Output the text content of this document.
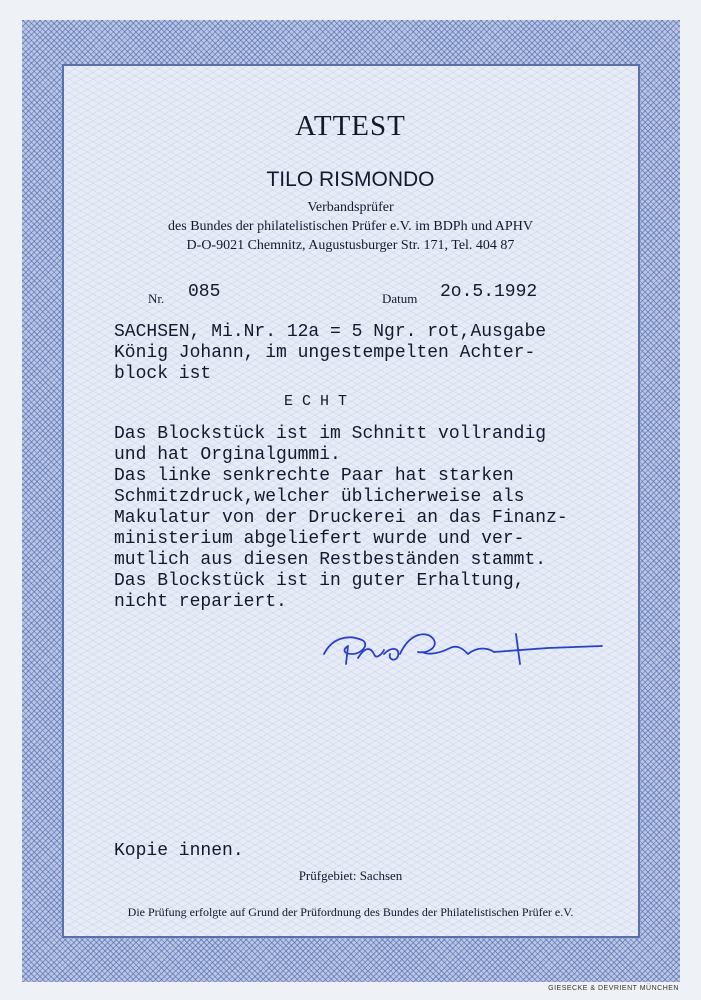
ATTEST
TILO RISMONDO
Verbandsprüfer
des Bundes der philatelistischen Prüfer e.V. im BDPh und APHV
D-O-9021 Chemnitz, Augustusburger Str. 171, Tel. 404 87
Nr. 085	Datum 2o.5.1992
SACHSEN, Mi.Nr. 12a = 5 Ngr. rot,Ausgabe
König Johann, im ungestempelten Achter-
block ist
E C H T
Das Blockstück ist im Schnitt vollrandig
und hat Orginalgummi.
Das linke senkrechte Paar hat starken
Schmitzdruck,welcher üblicherweise als
Makulatur von der Druckerei an das Finanz-
ministerium abgeliefert wurde und ver-
mutlich aus diesen Restbeständen stammt.
Das Blockstück ist in guter Erhaltung,
nicht repariert.
Kopie innen.
Prüfgebiet: Sachsen
Die Prüfung erfolgte auf Grund der Prüfordnung des Bundes der Philatelistischen Prüfer e.V.
GIESECKE & DEVRIENT MÜNCHEN
